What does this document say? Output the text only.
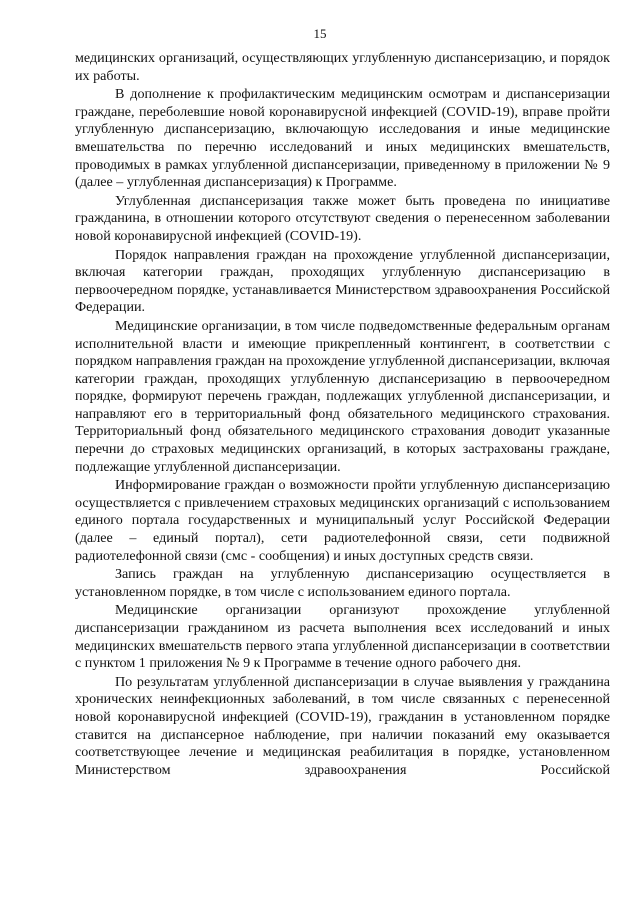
15

медицинских организаций, осуществляющих углубленную диспансеризацию, и порядок их работы.

В дополнение к профилактическим медицинским осмотрам и диспансеризации граждане, переболевшие новой коронавирусной инфекцией (COVID-19), вправе пройти углубленную диспансеризацию, включающую исследования и иные медицинские вмешательства по перечню исследований и иных медицинских вмешательств, проводимых в рамках углубленной диспансеризации, приведенному в приложении № 9 (далее – углубленная диспансеризация) к Программе.

Углубленная диспансеризация также может быть проведена по инициативе гражданина, в отношении которого отсутствуют сведения о перенесенном заболевании новой коронавирусной инфекцией (COVID-19).

Порядок направления граждан на прохождение углубленной диспансеризации, включая категории граждан, проходящих углубленную диспансеризацию в первоочередном порядке, устанавливается Министерством здравоохранения Российской Федерации.

Медицинские организации, в том числе подведомственные федеральным органам исполнительной власти и имеющие прикрепленный контингент, в соответствии с порядком направления граждан на прохождение углубленной диспансеризации, включая категории граждан, проходящих углубленную диспансеризацию в первоочередном порядке, формируют перечень граждан, подлежащих углубленной диспансеризации, и направляют его в территориальный фонд обязательного медицинского страхования. Территориальный фонд обязательного медицинского страхования доводит указанные перечни до страховых медицинских организаций, в которых застрахованы граждане, подлежащие углубленной диспансеризации.

Информирование граждан о возможности пройти углубленную диспансеризацию осуществляется с привлечением страховых медицинских организаций с использованием единого портала государственных и муниципальный услуг Российской Федерации (далее – единый портал), сети радиотелефонной связи, сети подвижной радиотелефонной связи (смс - сообщения) и иных доступных средств связи.

Запись граждан на углубленную диспансеризацию осуществляется в установленном порядке, в том числе с использованием единого портала.

Медицинские организации организуют прохождение углубленной диспансеризации гражданином из расчета выполнения всех исследований и иных медицинских вмешательств первого этапа углубленной диспансеризации в соответствии с пунктом 1 приложения № 9 к Программе в течение одного рабочего дня.

По результатам углубленной диспансеризации в случае выявления у гражданина хронических неинфекционных заболеваний, в том числе связанных с перенесенной новой коронавирусной инфекцией (COVID-19), гражданин в установленном порядке ставится на диспансерное наблюдение, при наличии показаний ему оказывается соответствующее лечение и медицинская реабилитация в порядке, установленном Министерством здравоохранения Российской
